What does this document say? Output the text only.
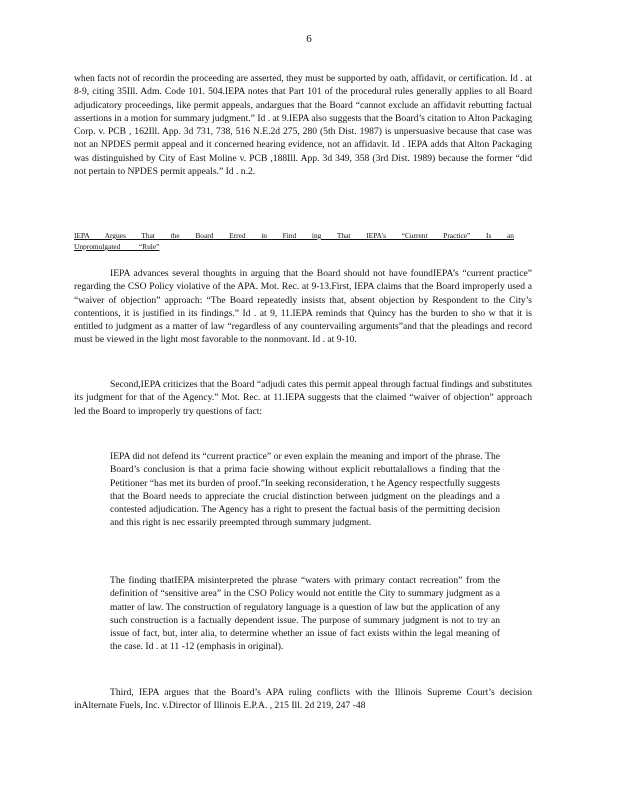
6

when facts not of recordin the proceeding are asserted, they must be supported by oath, affidavit, or certification. Id . at 8-9, citing 35Ill. Adm. Code 101. 504.IEPA notes that Part 101 of the procedural rules generally applies to all Board adjudicatory proceedings, like permit appeals, andargues that the Board “cannot exclude an affidavit rebutting factual assertions in a motion for summary judgment.” Id . at 9.IEPA also suggests that the Board’s citation to Alton Packaging Corp. v. PCB , 162Ill. App. 3d 731, 738, 516 N.E.2d 275, 280 (5th Dist. 1987) is unpersuasive because that case was not an NPDES permit appeal and it concerned hearing evidence, not an affidavit. Id . IEPA adds that Alton Packaging was distinguished by City of East Moline v. PCB ,188Ill. App. 3d 349, 358 (3rd Dist. 1989) because the former “did not pertain to NPDES permit appeals.” Id . n.2.

IEPA Argues That the Board Erred in Find ing That IEPA’s “Current Practice” Is an
Unpromulgated          “Rule”

IEPA advances several thoughts in arguing that the Board should not have foundIEPA’s “current practice” regarding the CSO Policy violative of the APA. Mot. Rec. at 9-13.First, IEPA claims that the Board improperly used a “waiver of objection” approach: “The Board repeatedly insists that, absent objection by Respondent to the City’s contentions, it is justified in its findings.” Id . at 9, 11.IEPA reminds that Quincy has the burden to sho w that it is entitled to judgment as a matter of law “regardless of any countervailing arguments”and that the pleadings and record must be viewed in the light most favorable to the nonmovant. Id . at 9-10.

Second,IEPA criticizes that the Board “adjudi cates this permit appeal through factual findings and substitutes its judgment for that of the Agency.” Mot. Rec. at 11.IEPA suggests that the claimed “waiver of objection” approach led the Board to improperly try questions of fact:

IEPA did not defend its “current practice” or even explain the meaning and import of the phrase. The Board’s conclusion is that a prima facie showing without explicit rebuttalallows a finding that the Petitioner “has met its burden of proof.”In seeking reconsideration, t he Agency respectfully suggests that the Board needs to appreciate the crucial distinction between judgment on the pleadings and a contested adjudication. The Agency has a right to present the factual basis of the permitting decision and this right is nec essarily preempted through summary judgment.

The finding thatIEPA misinterpreted the phrase “waters with primary contact recreation” from the definition of “sensitive area” in the CSO Policy would not entitle the City to summary judgment as a matter of law. The construction of regulatory language is a question of law but the application of any such construction is a factually dependent issue. The purpose of summary judgment is not to try an issue of fact, but, inter alia, to determine whether an issue of fact exists within the legal meaning of the case. Id . at 11 -12 (emphasis in original).

Third, IEPA argues that the Board’s APA ruling conflicts with the Illinois Supreme Court’s decision inAlternate Fuels, Inc. v.Director of Illinois E.P.A. , 215 Ill. 2d 219, 247 -48
